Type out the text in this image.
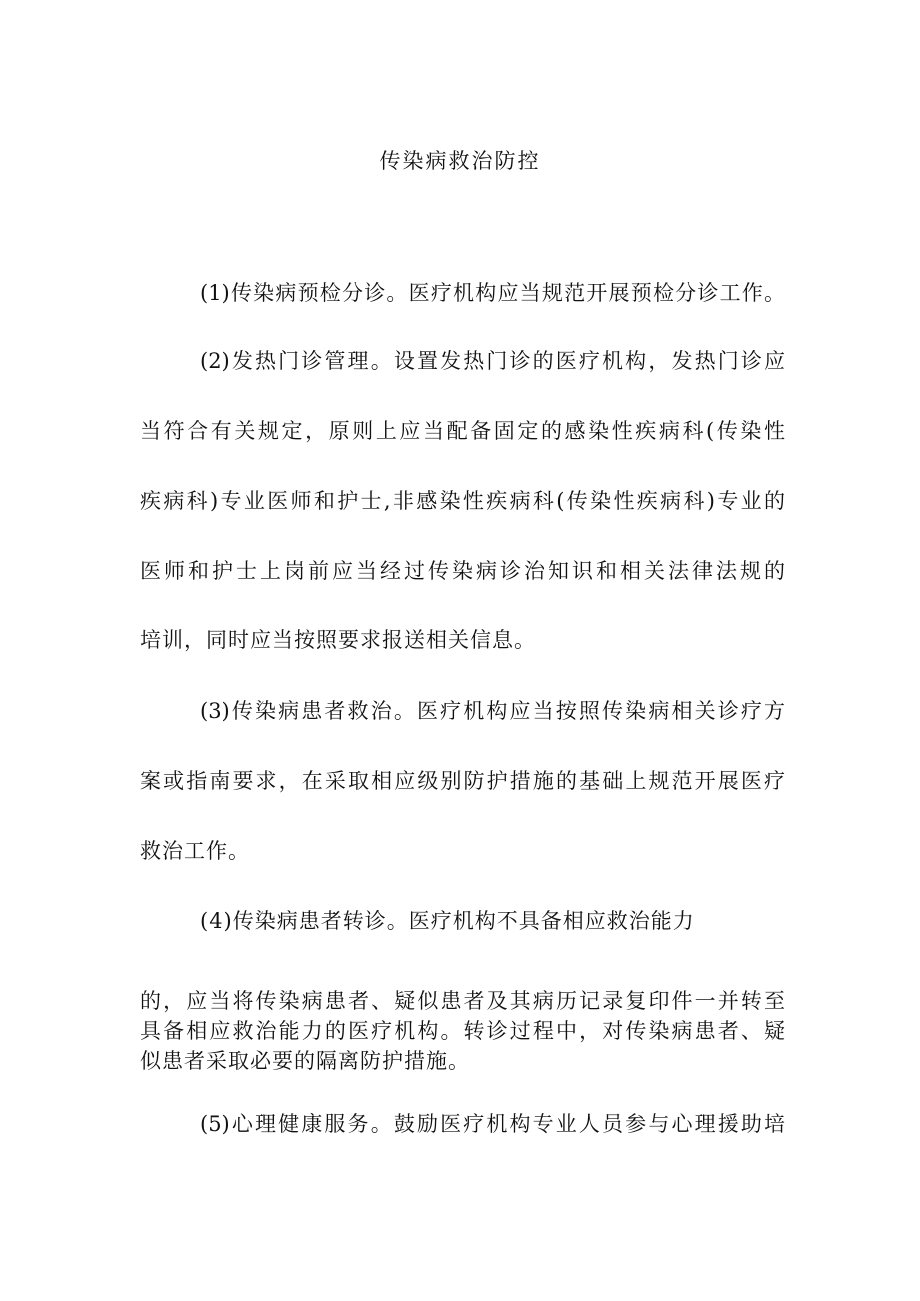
传染病救治防控
(1)传染病预检分诊。医疗机构应当规范开展预检分诊工作。
(2)发热门诊管理。设置发热门诊的医疗机构，发热门诊应
当符合有关规定，原则上应当配备固定的感染性疾病科(传染性
疾病科)专业医师和护士,非感染性疾病科(传染性疾病科)专业的
医师和护士上岗前应当经过传染病诊治知识和相关法律法规的
培训，同时应当按照要求报送相关信息。
(3)传染病患者救治。医疗机构应当按照传染病相关诊疗方
案或指南要求，在采取相应级别防护措施的基础上规范开展医疗
救治工作。
(4)传染病患者转诊。医疗机构不具备相应救治能力
的，应当将传染病患者、疑似患者及其病历记录复印件一并转至
具备相应救治能力的医疗机构。转诊过程中，对传染病患者、疑
似患者采取必要的隔离防护措施。
(5)心理健康服务。鼓励医疗机构专业人员参与心理援助培
